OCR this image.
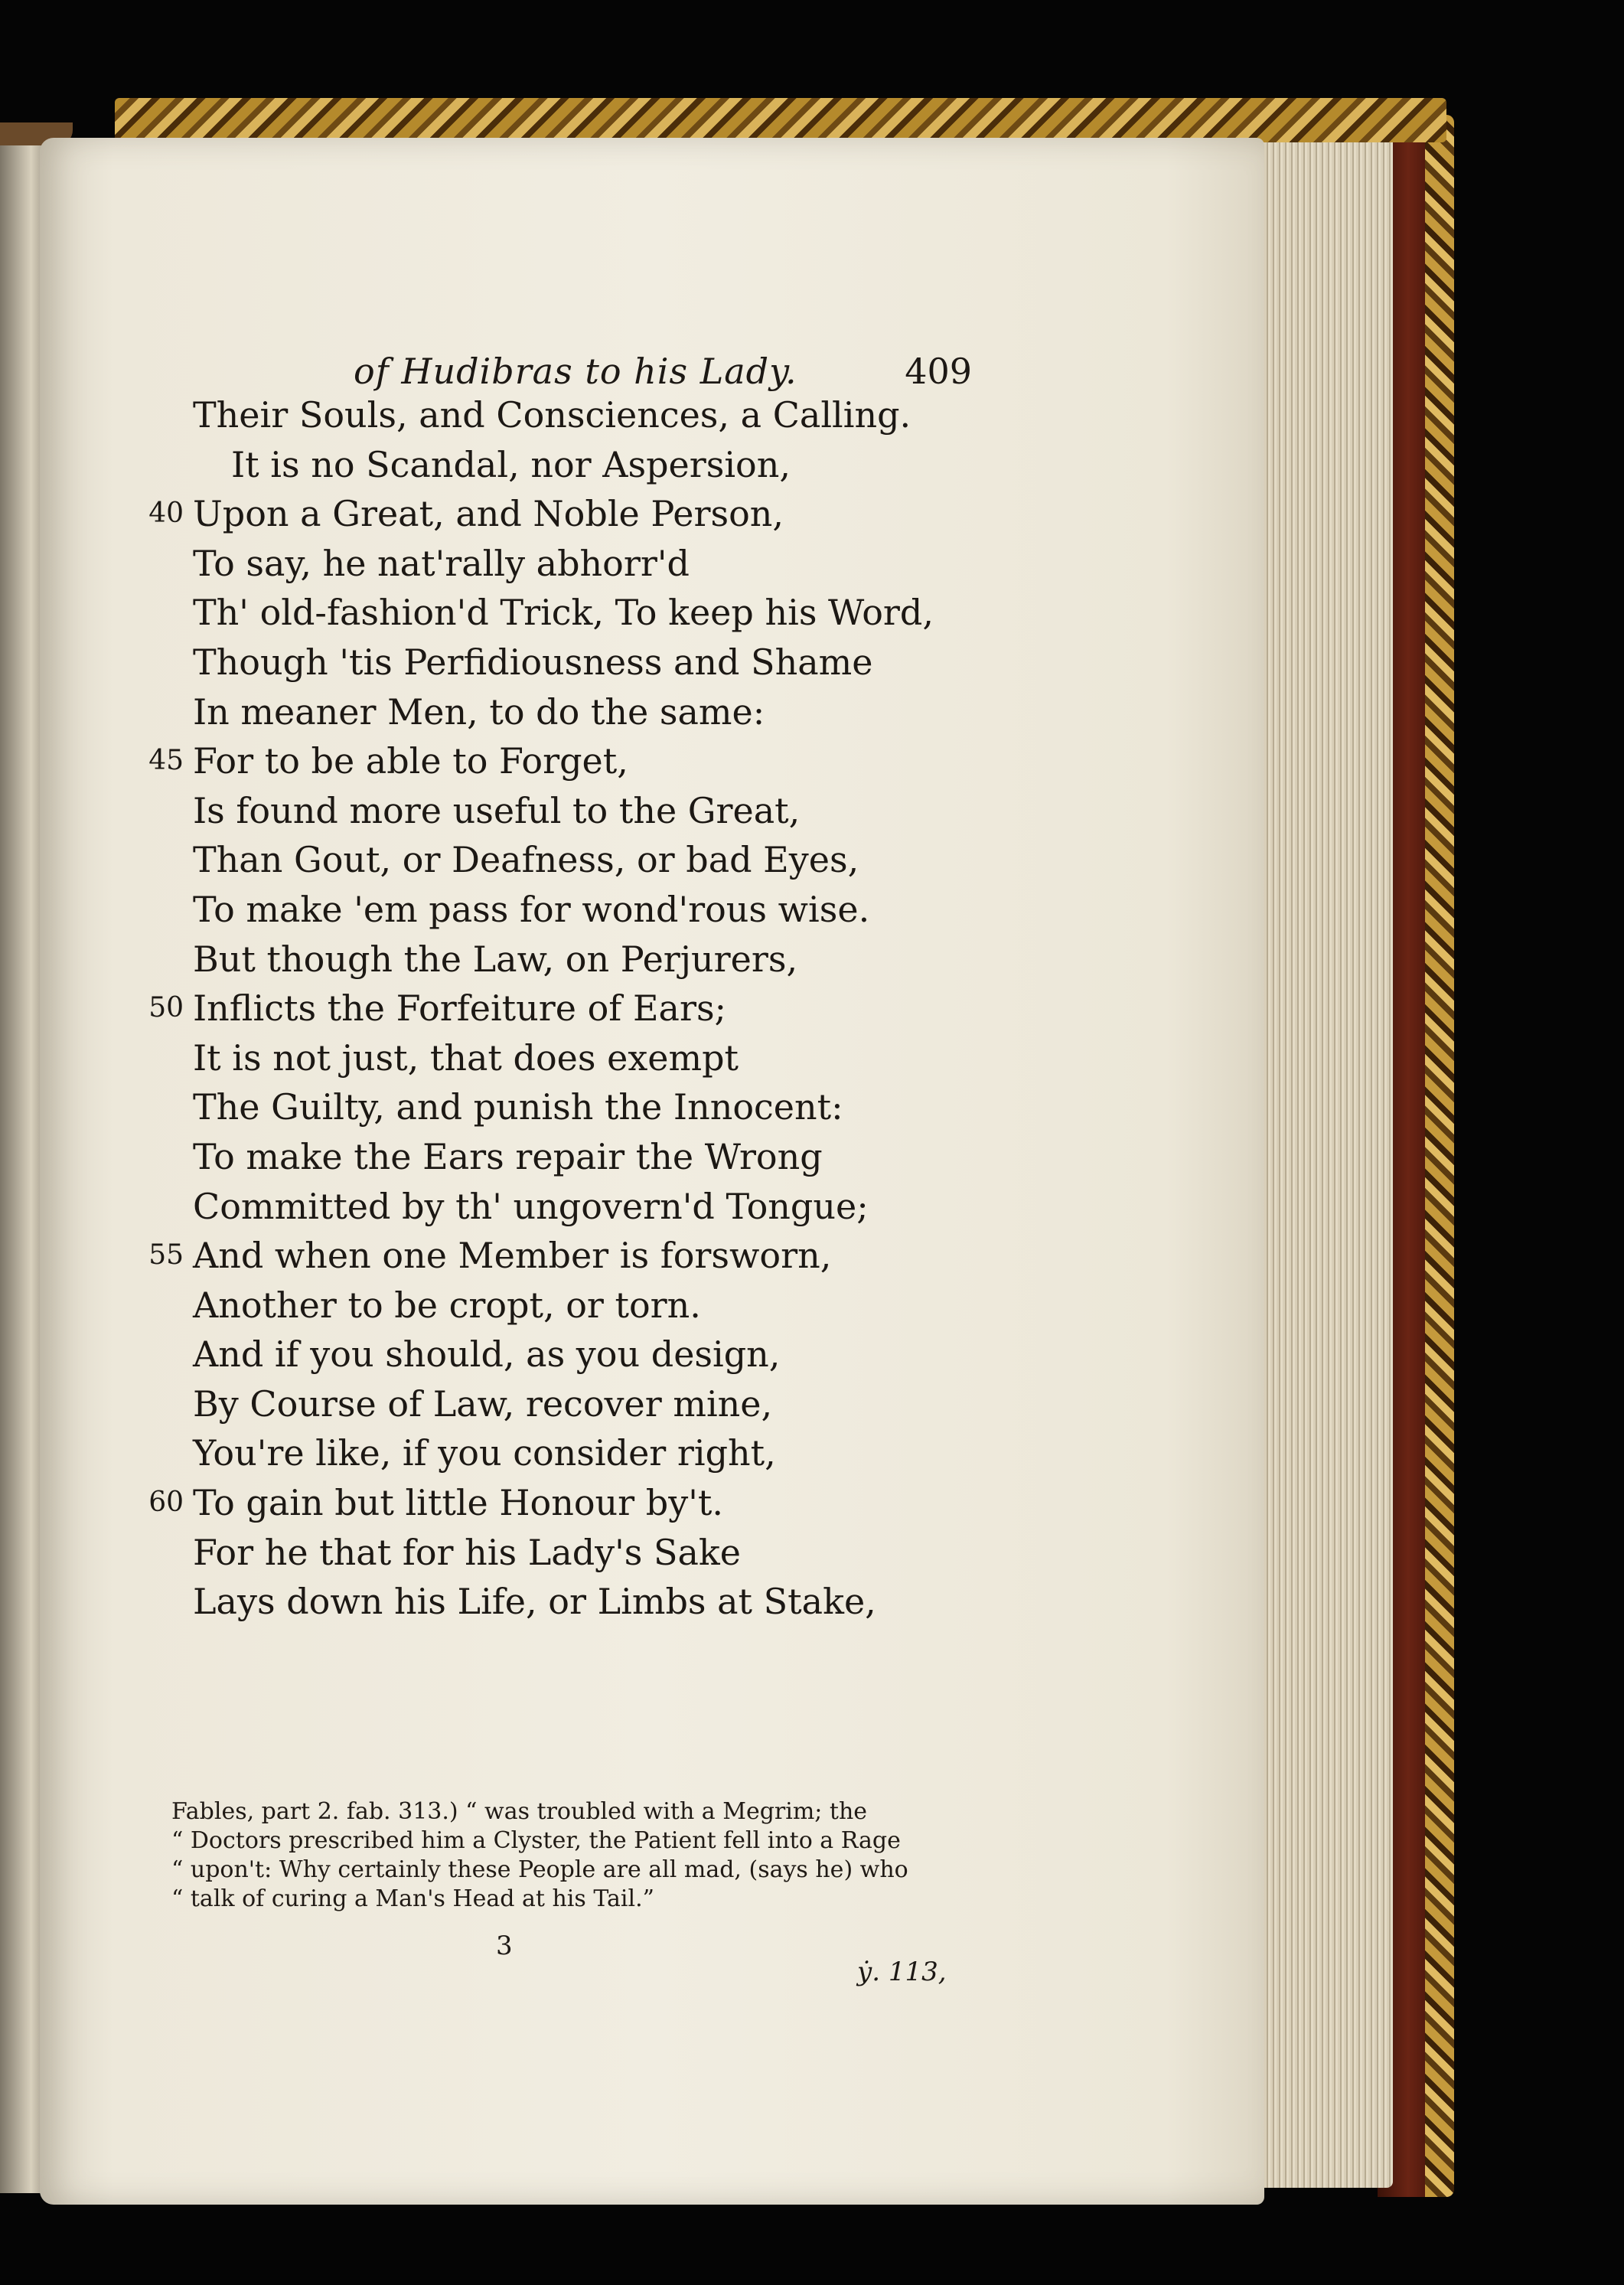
of Hudibras to his Lady.	409
Their Souls, and Consciences, a Calling.
It is no Scandal, nor Aspersion,
40 Upon a Great, and Noble Person,
To say, he nat'rally abhorr'd
Th' old-fashion'd Trick, To keep his Word,
Though 'tis Perfidiousness and Shame
In meaner Men, to do the same:
45 For to be able to Forget,
Is found more useful to the Great,
Than Gout, or Deafness, or bad Eyes,
To make 'em pass for wond'rous wise.
But though the Law, on Perjurers,
50 Inflicts the Forfeiture of Ears;
It is not just, that does exempt
The Guilty, and punish the Innocent:
To make the Ears repair the Wrong
Committed by th' ungovern'd Tongue;
55 And when one Member is forsworn,
Another to be cropt, or torn.
And if you should, as you design,
By Course of Law, recover mine,
You're like, if you consider right,
60 To gain but little Honour by't.
For he that for his Lady's Sake
Lays down his Life, or Limbs at Stake,

Fables, part 2. fab. 313.) “ was troubled with a Megrim; the

“ Doctors prescribed him a Clyster, the Patient fell into a Rage

“ upon't: Why certainly these People are all mad, (says he) who

“ talk of curing a Man's Head at his Tail.”

3
ẏ. 113,
